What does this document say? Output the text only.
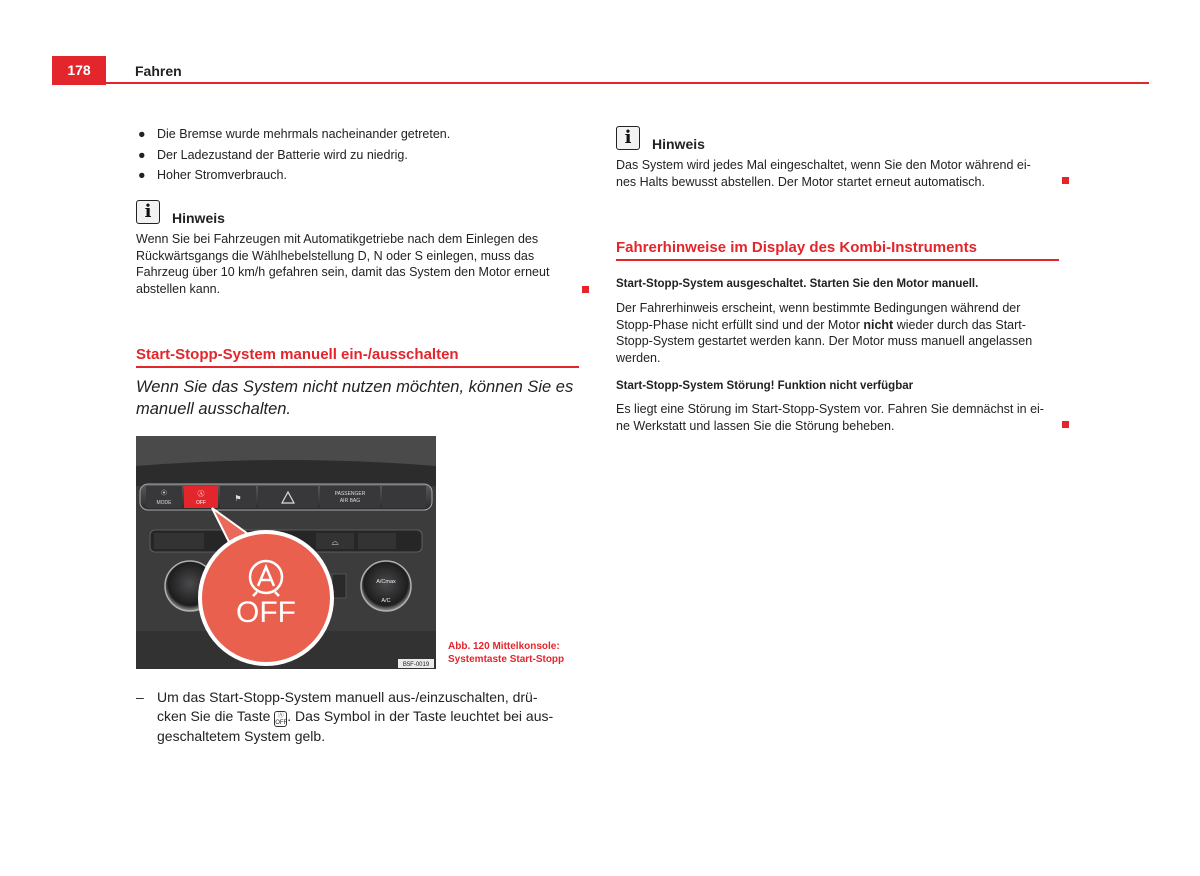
178	Fahren
● Die Bremse wurde mehrmals nacheinander getreten.
● Der Ladezustand der Batterie wird zu niedrig.
● Hoher Stromverbrauch.
i	Hinweis
Wenn Sie bei Fahrzeugen mit Automatikgetriebe nach dem Einlegen des
Rückwärtsgangs die Wählhebelstellung D, N oder S einlegen, muss das
Fahrzeug über 10 km/h gefahren sein, damit das System den Motor erneut
abstellen kann.
Start-Stopp-System manuell ein-/ausschalten
Wenn Sie das System nicht nutzen möchten, können Sie es
manuell ausschalten.
⦿
MODE
Ⓐ
OFF	⚑	PASSENGER
AIR BAG
⌓
A/Cmax
A/C
OFF
B5F-0019
Abb. 120 Mittelkonsole:
Systemtaste Start-Stopp
– Um das Start-Stopp-System manuell aus-/einzuschalten, drü-
cken Sie die Taste Ⓐ
OFF. Das Symbol in der Taste leuchtet bei aus-
geschaltetem System gelb.
i	Hinweis
Das System wird jedes Mal eingeschaltet, wenn Sie den Motor während ei-
nes Halts bewusst abstellen. Der Motor startet erneut automatisch.
Fahrerhinweise im Display des Kombi-Instruments
Start-Stopp-System ausgeschaltet. Starten Sie den Motor manuell.
Der Fahrerhinweis erscheint, wenn bestimmte Bedingungen während der
Stopp-Phase nicht erfüllt sind und der Motor nicht wieder durch das Start-
Stopp-System gestartet werden kann. Der Motor muss manuell angelassen
werden.
Start-Stopp-System Störung! Funktion nicht verfügbar
Es liegt eine Störung im Start-Stopp-System vor. Fahren Sie demnächst in ei-
ne Werkstatt und lassen Sie die Störung beheben.
